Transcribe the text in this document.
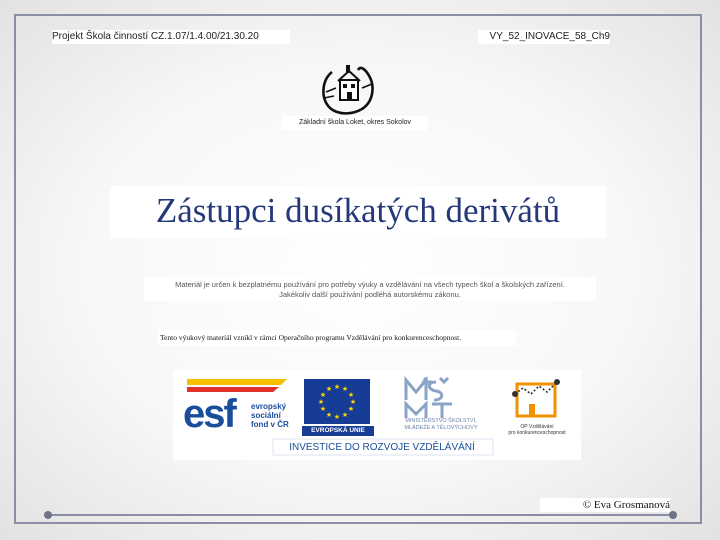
Projekt Škola činností CZ.1.07/1.4.00/21.30.20	VY_52_INOVACE_58_Ch9
Základní škola Loket, okres Sokolov
Zástupci dusíkatých derivátů
Materiál je určen k bezplatnému používání pro potřeby výuky a vzdělávání na všech typech škol a školských zařízení.
Jakékoliv další používání podléhá autorskému zákonu.
Tento výukový materiál vznikl v rámci Operačního programu Vzdělávání pro konkurenceschopnost.
esf	evropský
sociální
fond v ČR
★ ★
★
★
★
★
★
★
★
★
★
★
EVROPSKÁ UNIE
MINISTERSTVO ŠKOLSTVÍ,
MLÁDEŽE A TĚLOVÝCHOVY	OP Vzdělávání
pro konkurenceschopnost
INVESTICE DO ROZVOJE VZDĚLÁVÁNÍ
© Eva Grosmanová
